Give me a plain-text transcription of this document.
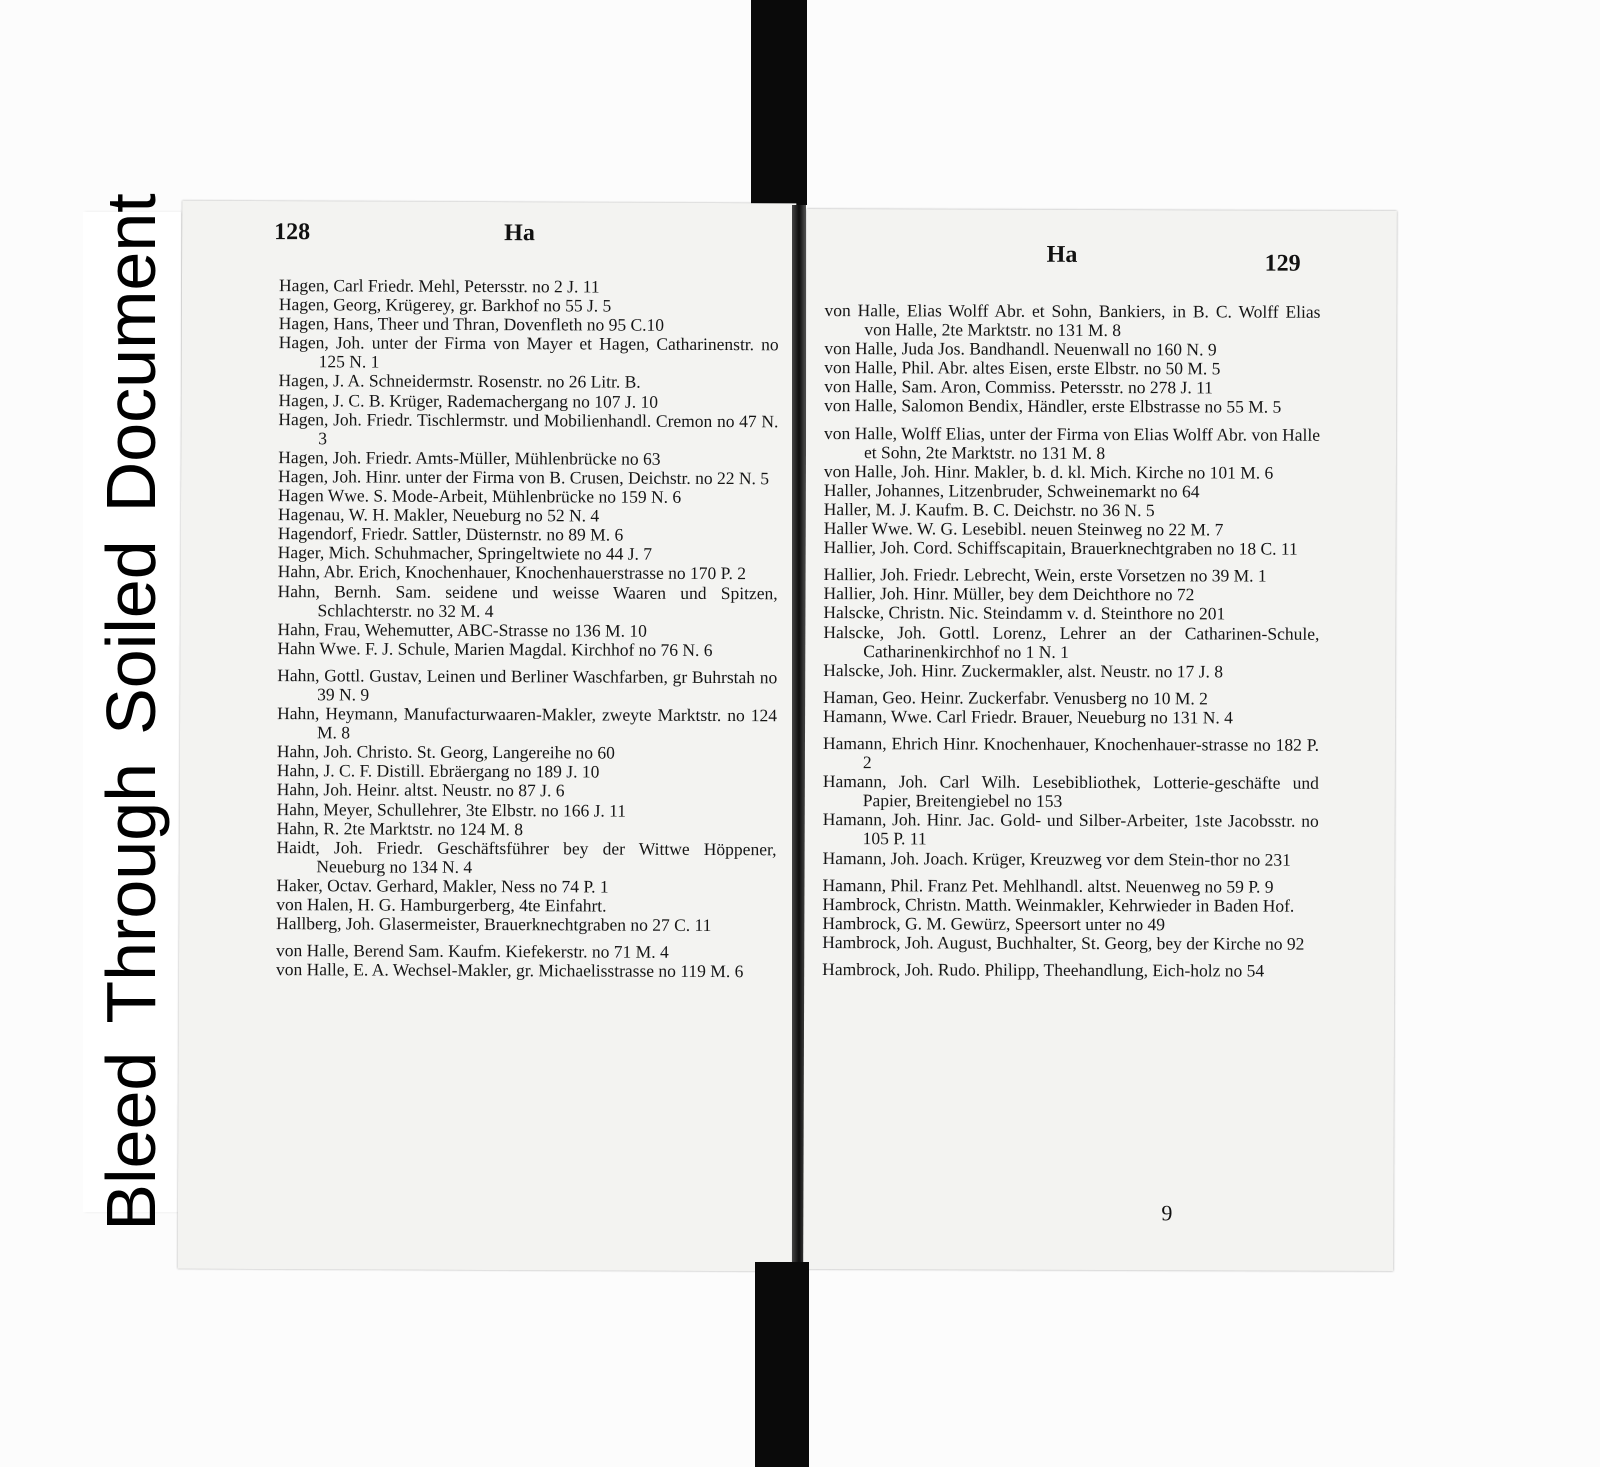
BleedThroughSoiledDocument	128	Ha

Hagen, Carl Friedr. Mehl, Petersstr. no 2 J. 11

Hagen, Georg, Krügerey, gr. Barkhof no 55 J. 5

Hagen, Hans, Theer und Thran, Dovenfleth no 95 C.10

Hagen, Joh. unter der Firma von Mayer et Hagen, Catharinenstr. no 125 N. 1

Hagen, J. A. Schneidermstr. Rosenstr. no 26 Litr. B.

Hagen, J. C. B. Krüger, Rademachergang no 107 J. 10

Hagen, Joh. Friedr. Tischlermstr. und Mobilienhandl. Cremon no 47 N. 3

Hagen, Joh. Friedr. Amts-Müller, Mühlenbrücke no 63

Hagen, Joh. Hinr. unter der Firma von B. Crusen, Deichstr. no 22 N. 5

Hagen Wwe. S. Mode-Arbeit, Mühlenbrücke no 159 N. 6

Hagenau, W. H. Makler, Neueburg no 52 N. 4

Hagendorf, Friedr. Sattler, Düsternstr. no 89 M. 6

Hager, Mich. Schuhmacher, Springeltwiete no 44 J. 7

Hahn, Abr. Erich, Knochenhauer, Knochenhauerstrasse no 170 P. 2

Hahn, Bernh. Sam. seidene und weisse Waaren und Spitzen, Schlachterstr. no 32 M. 4

Hahn, Frau, Wehemutter, ABC-Strasse no 136 M. 10

Hahn Wwe. F. J. Schule, Marien Magdal. Kirchhof no 76 N. 6

Hahn, Gottl. Gustav, Leinen und Berliner Waschfarben, gr Buhrstah no 39 N. 9

Hahn, Heymann, Manufacturwaaren-Makler, zweyte Marktstr. no 124 M. 8

Hahn, Joh. Christo. St. Georg, Langereihe no 60

Hahn, J. C. F. Distill. Ebräergang no 189 J. 10

Hahn, Joh. Heinr. altst. Neustr. no 87 J. 6

Hahn, Meyer, Schullehrer, 3te Elbstr. no 166 J. 11

Hahn, R. 2te Marktstr. no 124 M. 8

Haidt, Joh. Friedr. Geschäftsführer bey der Wittwe Höppener, Neueburg no 134 N. 4

Haker, Octav. Gerhard, Makler, Ness no 74 P. 1

von Halen, H. G. Hamburgerberg, 4te Einfahrt.

Hallberg, Joh. Glasermeister, Brauerknechtgraben no 27 C. 11

von Halle, Berend Sam. Kaufm. Kiefekerstr. no 71 M. 4

von Halle, E. A. Wechsel-Makler, gr. Michaelisstrasse no 119 M. 6

Ha	129

von Halle, Elias Wolff Abr. et Sohn, Bankiers, in B. C. Wolff Elias von Halle, 2te Marktstr. no 131 M. 8

von Halle, Juda Jos. Bandhandl. Neuenwall no 160 N. 9

von Halle, Phil. Abr. altes Eisen, erste Elbstr. no 50 M. 5

von Halle, Sam. Aron, Commiss. Petersstr. no 278 J. 11

von Halle, Salomon Bendix, Händler, erste Elbstrasse no 55 M. 5

von Halle, Wolff Elias, unter der Firma von Elias Wolff Abr. von Halle et Sohn, 2te Marktstr. no 131 M. 8

von Halle, Joh. Hinr. Makler, b. d. kl. Mich. Kirche no 101 M. 6

Haller, Johannes, Litzenbruder, Schweinemarkt no 64

Haller, M. J. Kaufm. B. C. Deichstr. no 36 N. 5

Haller Wwe. W. G. Lesebibl. neuen Steinweg no 22 M. 7

Hallier, Joh. Cord. Schiffscapitain, Brauerknechtgraben no 18 C. 11

Hallier, Joh. Friedr. Lebrecht, Wein, erste Vorsetzen no 39 M. 1

Hallier, Joh. Hinr. Müller, bey dem Deichthore no 72

Halscke, Christn. Nic. Steindamm v. d. Steinthore no 201

Halscke, Joh. Gottl. Lorenz, Lehrer an der Catharinen-Schule, Catharinenkirchhof no 1 N. 1

Halscke, Joh. Hinr. Zuckermakler, alst. Neustr. no 17 J. 8

Haman, Geo. Heinr. Zuckerfabr. Venusberg no 10 M. 2

Hamann, Wwe. Carl Friedr. Brauer, Neueburg no 131 N. 4

Hamann, Ehrich Hinr. Knochenhauer, Knochenhauer-strasse no 182 P. 2

Hamann, Joh. Carl Wilh. Lesebibliothek, Lotterie-geschäfte und Papier, Breitengiebel no 153

Hamann, Joh. Hinr. Jac. Gold- und Silber-Arbeiter, 1ste Jacobsstr. no 105 P. 11

Hamann, Joh. Joach. Krüger, Kreuzweg vor dem Stein-thor no 231

Hamann, Phil. Franz Pet. Mehlhandl. altst. Neuenweg no 59 P. 9

Hambrock, Christn. Matth. Weinmakler, Kehrwieder in Baden Hof.

Hambrock, G. M. Gewürz, Speersort unter no 49

Hambrock, Joh. August, Buchhalter, St. Georg, bey der Kirche no 92

Hambrock, Joh. Rudo. Philipp, Theehandlung, Eich-holz no 54

9
